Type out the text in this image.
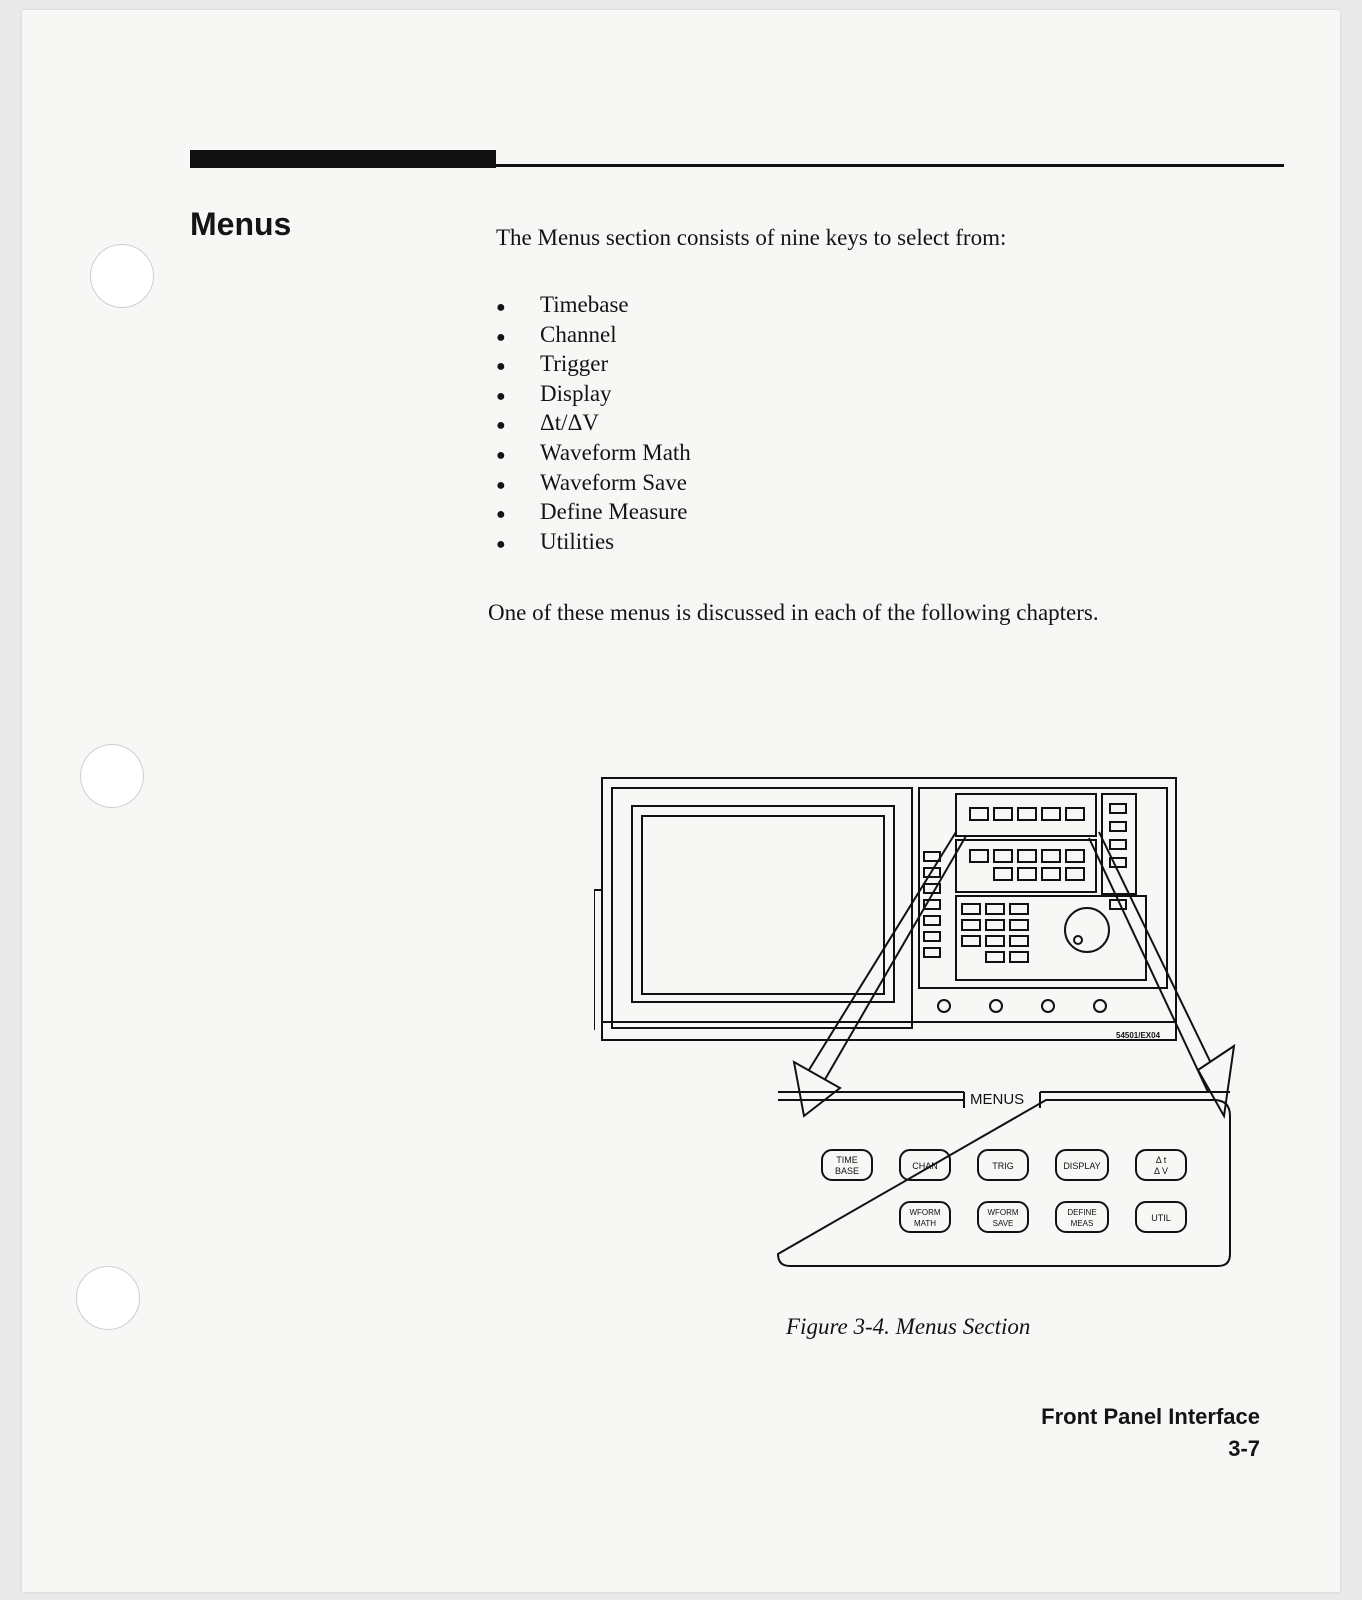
Menus	The Menus section consists of nine keys to select from:

● Timebase
● Channel
● Trigger
● Display
● Δt/ΔV
● Waveform Math
● Waveform Save
● Define Measure
● Utilities

One of these menus is discussed in each of the following chapters.

54501/EX04
MENUS
TIME
BASE	CHAN	TRIG	DISPLAY
Δ t
Δ V
WFORM
MATH
WFORM
SAVE
DEFINE
MEAS
UTIL

Figure 3-4. Menus Section

Front Panel Interface

3-7
